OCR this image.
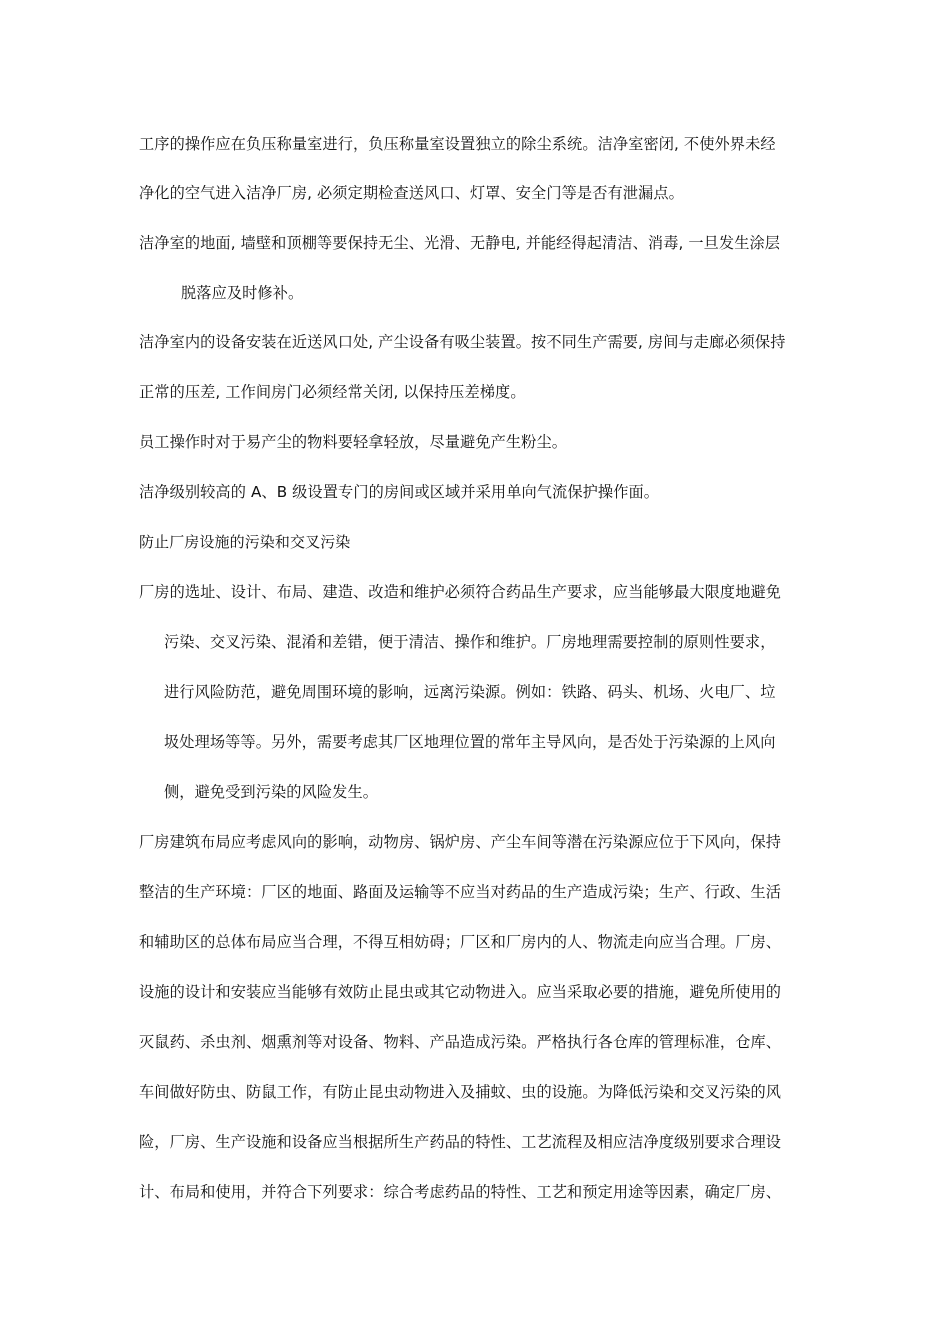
工序的操作应在负压称量室进行，负压称量室设置独立的除尘系统。洁净室密闭, 不使外界未经
净化的空气进入洁净厂房, 必须定期检查送风口、灯罩、安全门等是否有泄漏点。
洁净室的地面, 墙壁和顶棚等要保持无尘、光滑、无静电, 并能经得起清洁、消毒, 一旦发生涂层
脱落应及时修补。
洁净室内的设备安装在近送风口处, 产尘设备有吸尘装置。按不同生产需要, 房间与走廊必须保持
正常的压差, 工作间房门必须经常关闭, 以保持压差梯度。
员工操作时对于易产尘的物料要轻拿轻放，尽量避免产生粉尘。
洁净级别较高的 A、B 级设置专门的房间或区域并采用单向气流保护操作面。
防止厂房设施的污染和交叉污染
厂房的选址、设计、布局、建造、改造和维护必须符合药品生产要求，应当能够最大限度地避免
污染、交叉污染、混淆和差错，便于清洁、操作和维护。厂房地理需要控制的原则性要求，
进行风险防范，避免周围环境的影响，远离污染源。例如：铁路、码头、机场、火电厂、垃
圾处理场等等。另外，需要考虑其厂区地理位置的常年主导风向，是否处于污染源的上风向
侧，避免受到污染的风险发生。
厂房建筑布局应考虑风向的影响，动物房、锅炉房、产尘车间等潜在污染源应位于下风向，保持
整洁的生产环境：厂区的地面、路面及运输等不应当对药品的生产造成污染；生产、行政、生活
和辅助区的总体布局应当合理，不得互相妨碍；厂区和厂房内的人、物流走向应当合理。厂房、
设施的设计和安装应当能够有效防止昆虫或其它动物进入。应当采取必要的措施，避免所使用的
灭鼠药、杀虫剂、烟熏剂等对设备、物料、产品造成污染。严格执行各仓库的管理标准，仓库、
车间做好防虫、防鼠工作，有防止昆虫动物进入及捕蚊、虫的设施。为降低污染和交叉污染的风
险，厂房、生产设施和设备应当根据所生产药品的特性、工艺流程及相应洁净度级别要求合理设
计、布局和使用，并符合下列要求：综合考虑药品的特性、工艺和预定用途等因素，确定厂房、
